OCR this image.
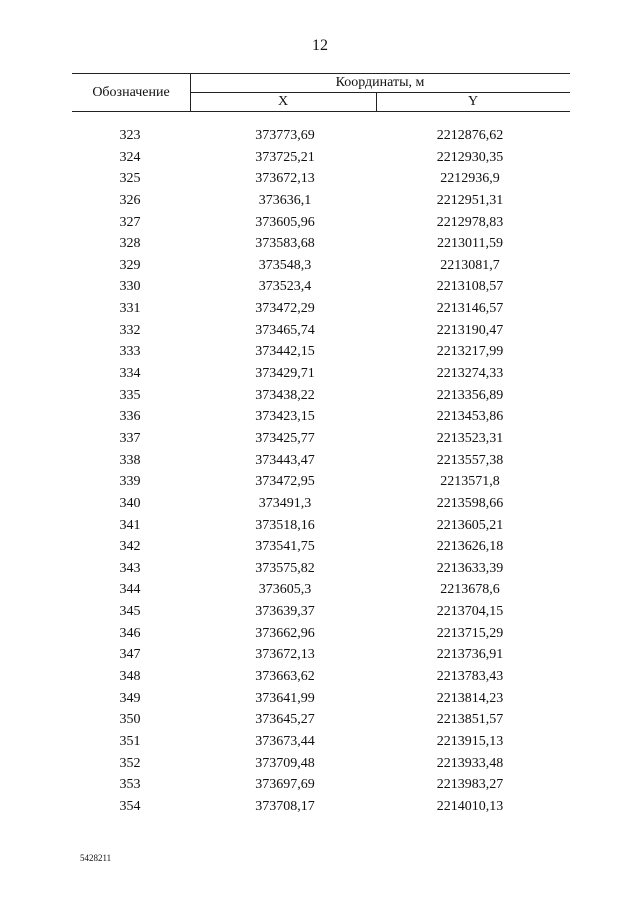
12
Обозначение
Координаты, м
X	Y
323	373773,69	2212876,62
324	373725,21	2212930,35
325	373672,13	2212936,9
326	373636,1	2212951,31
327	373605,96	2212978,83
328	373583,68	2213011,59
329	373548,3	2213081,7
330	373523,4	2213108,57
331	373472,29	2213146,57
332	373465,74	2213190,47
333	373442,15	2213217,99
334	373429,71	2213274,33
335	373438,22	2213356,89
336	373423,15	2213453,86
337	373425,77	2213523,31
338	373443,47	2213557,38
339	373472,95	2213571,8
340	373491,3	2213598,66
341	373518,16	2213605,21
342	373541,75	2213626,18
343	373575,82	2213633,39
344	373605,3	2213678,6
345	373639,37	2213704,15
346	373662,96	2213715,29
347	373672,13	2213736,91
348	373663,62	2213783,43
349	373641,99	2213814,23
350	373645,27	2213851,57
351	373673,44	2213915,13
352	373709,48	2213933,48
353	373697,69	2213983,27
354	373708,17	2214010,13
5428211
